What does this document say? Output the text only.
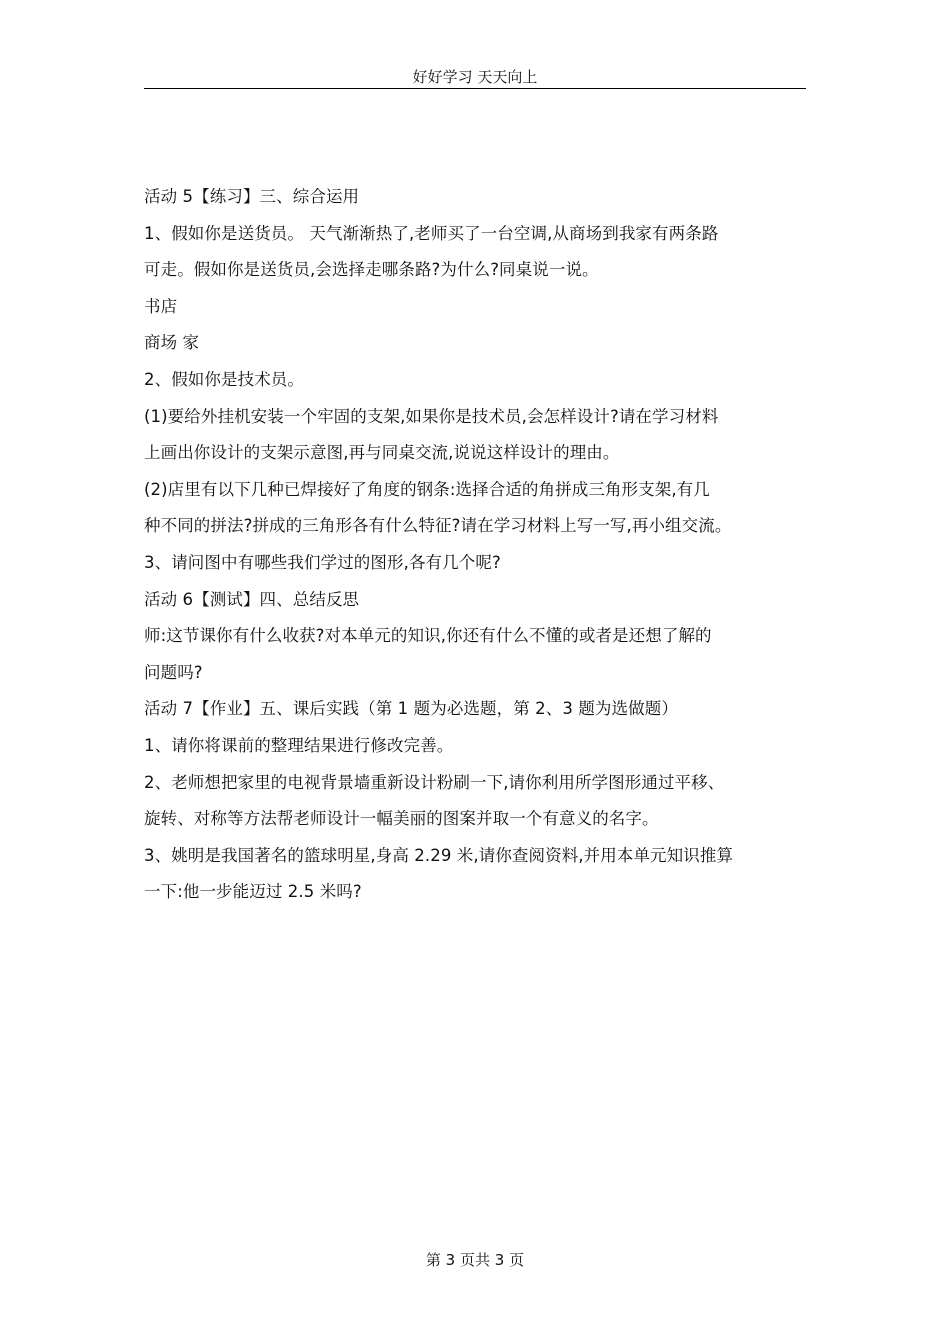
好好学习 天天向上
活动 5【练习】三、综合运用
1、假如你是送货员。 天气渐渐热了,老师买了一台空调,从商场到我家有两条路
可走。假如你是送货员,会选择走哪条路?为什么?同桌说一说。
书店
商场 家
2、假如你是技术员。
(1)要给外挂机安装一个牢固的支架,如果你是技术员,会怎样设计?请在学习材料
上画出你设计的支架示意图,再与同桌交流,说说这样设计的理由。
(2)店里有以下几种已焊接好了角度的钢条:选择合适的角拼成三角形支架,有几
种不同的拼法?拼成的三角形各有什么特征?请在学习材料上写一写,再小组交流。
3、请问图中有哪些我们学过的图形,各有几个呢?
活动 6【测试】四、总结反思
师:这节课你有什么收获?对本单元的知识,你还有什么不懂的或者是还想了解的
问题吗?
活动 7【作业】五、课后实践（第 1 题为必选题，第 2、3 题为选做题）
1、请你将课前的整理结果进行修改完善。
2、老师想把家里的电视背景墙重新设计粉刷一下,请你利用所学图形通过平移、
旋转、对称等方法帮老师设计一幅美丽的图案并取一个有意义的名字。
3、姚明是我国著名的篮球明星,身高 2.29 米,请你查阅资料,并用本单元知识推算
一下:他一步能迈过 2.5 米吗?
第 3 页共 3 页
